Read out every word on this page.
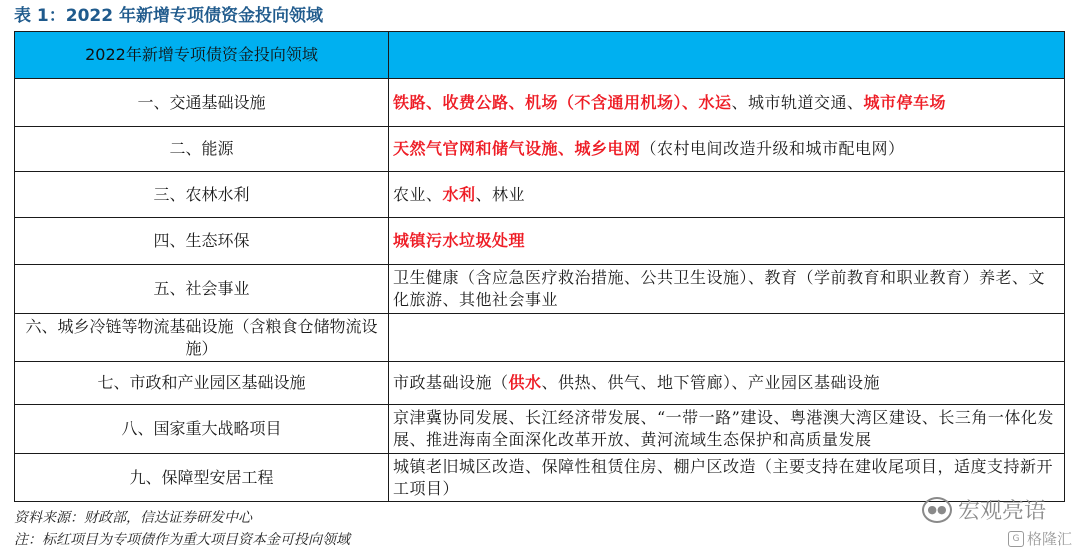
表 1：2022 年新增专项债资金投向领域
2022年新增专项债资金投向领域	
一、交通基础设施	铁路、收费公路、机场（不含通用机场）、水运、城市轨道交通、城市停车场
二、能源	天然气官网和储气设施、城乡电网（农村电间改造升级和城市配电网）
三、农林水利	农业、水利、林业
四、生态环保	城镇污水垃圾处理
五、社会事业	卫生健康（含应急医疗救治措施、公共卫生设施）、教育（学前教育和职业教育）养老、文化旅游、其他社会事业
六、城乡冷链等物流基础设施（含粮食仓储物流设施）	
七、市政和产业园区基础设施	市政基础设施（供水、供热、供气、地下管廊）、产业园区基础设施
八、国家重大战略项目	京津冀协同发展、长江经济带发展、“一带一路”建设、粤港澳大湾区建设、长三角一体化发展、推进海南全面深化改革开放、黄河流域生态保护和高质量发展
九、保障型安居工程	城镇老旧城区改造、保障性租赁住房、棚户区改造（主要支持在建收尾项目，适度支持新开工项目）
资料来源：财政部，信达证券研发中心
注：标红项目为专项债作为重大项目资本金可投向领域
●● 宏观亮语
G 格隆汇
